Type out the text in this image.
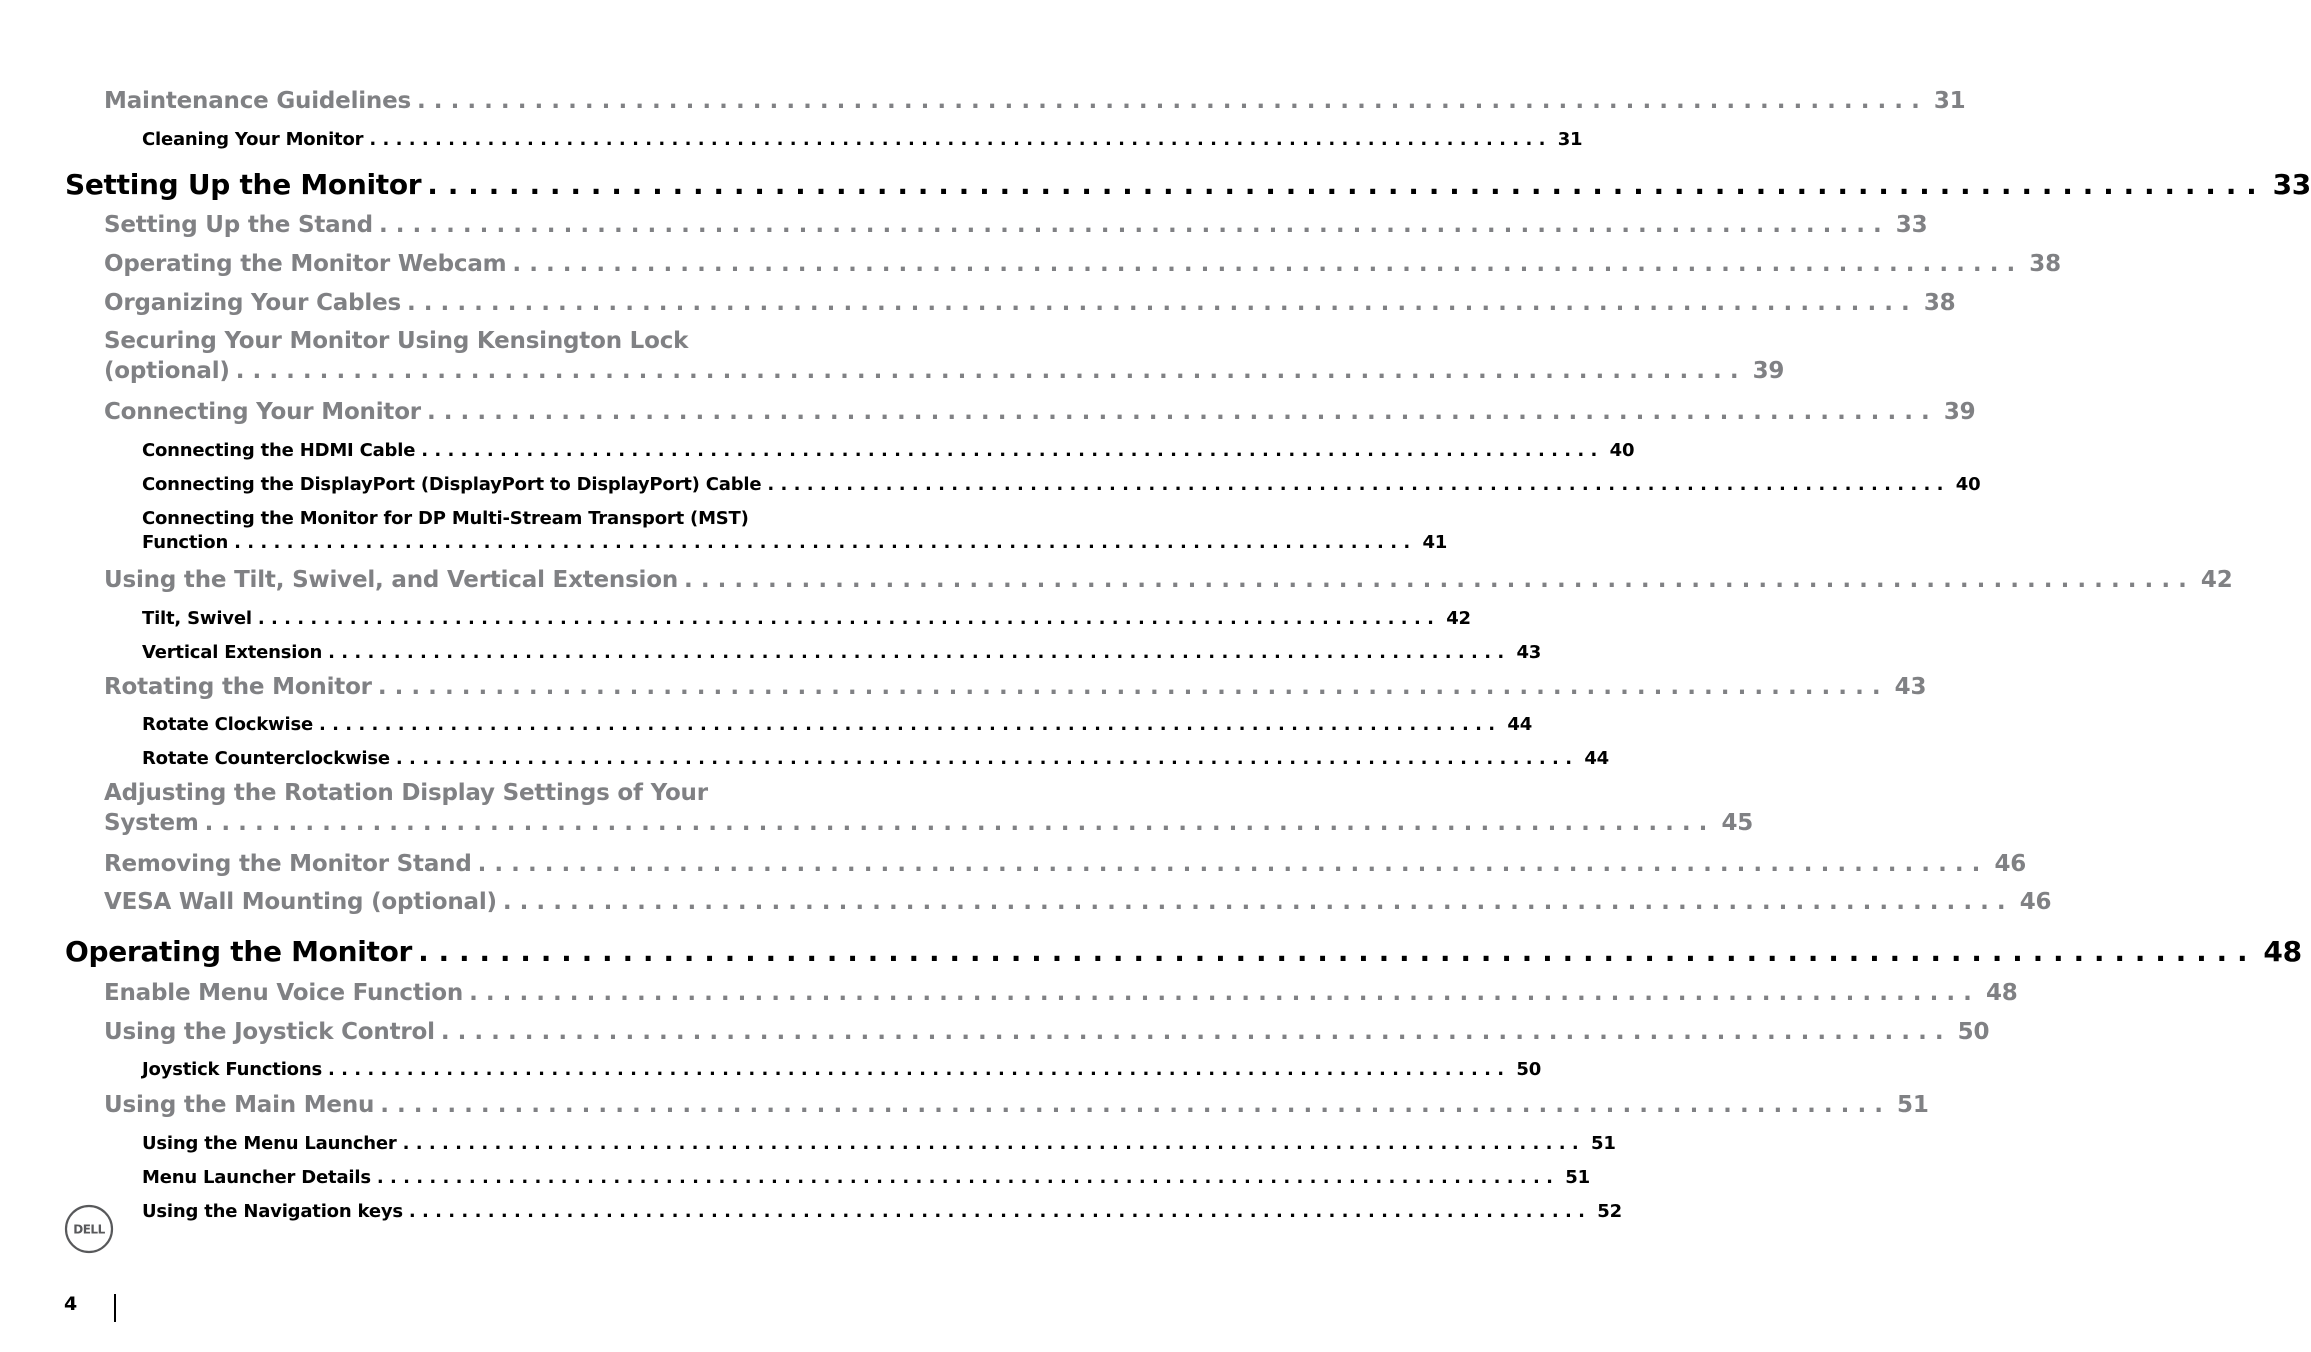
Maintenance Guidelines .......................................................................................... 31
Cleaning Your Monitor .......................................................................................... 31
Setting Up the Monitor .......................................................................................... 33
Setting Up the Stand .......................................................................................... 33
Operating the Monitor Webcam .......................................................................................... 38
Organizing Your Cables .......................................................................................... 38
Securing Your Monitor Using Kensington Lock
(optional) .......................................................................................... 39
Connecting Your Monitor .......................................................................................... 39
Connecting the HDMI Cable .......................................................................................... 40
Connecting the DisplayPort (DisplayPort to DisplayPort) Cable .......................................................................................... 40
Connecting the Monitor for DP Multi-Stream Transport (MST)
Function .......................................................................................... 41
Using the Tilt, Swivel, and Vertical Extension .......................................................................................... 42
Tilt, Swivel .......................................................................................... 42
Vertical Extension .......................................................................................... 43
Rotating the Monitor .......................................................................................... 43
Rotate Clockwise .......................................................................................... 44
Rotate Counterclockwise .......................................................................................... 44
Adjusting the Rotation Display Settings of Your
System .......................................................................................... 45
Removing the Monitor Stand .......................................................................................... 46
VESA Wall Mounting (optional) .......................................................................................... 46
Operating the Monitor .......................................................................................... 48
Enable Menu Voice Function .......................................................................................... 48
Using the Joystick Control .......................................................................................... 50
Joystick Functions .......................................................................................... 50
Using the Main Menu .......................................................................................... 51
Using the Menu Launcher .......................................................................................... 51
Menu Launcher Details .......................................................................................... 51
Using the Navigation keys .......................................................................................... 52
DELL
4
